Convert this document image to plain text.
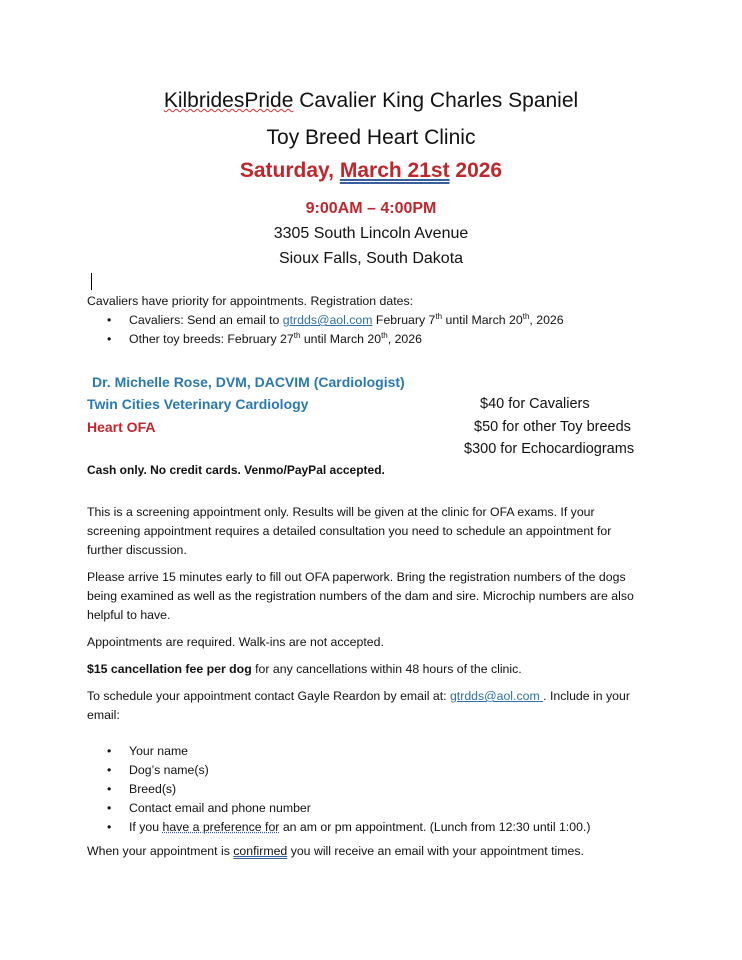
KilbridesPride Cavalier King Charles Spaniel
Toy Breed Heart Clinic
Saturday, March 21st 2026
9:00AM – 4:00PM
3305 South Lincoln Avenue
Sioux Falls, South Dakota

Cavaliers have priority for appointments. Registration dates:

• Cavaliers: Send an email to gtrdds@aol.com February 7th until March 20th, 2026

• Other toy breeds: February 27th until March 20th, 2026

Dr. Michelle Rose, DVM, DACVIM (Cardiologist)
Twin Cities Veterinary Cardiology
Heart OFA
$40 for Cavaliers
$50 for other Toy breeds
$300 for Echocardiograms
Cash only. No credit cards. Venmo/PayPal accepted.

This is a screening appointment only. Results will be given at the clinic for OFA exams. If your screening appointment requires a detailed consultation you need to schedule an appointment for further discussion.

Please arrive 15 minutes early to fill out OFA paperwork. Bring the registration numbers of the dogs being examined as well as the registration numbers of the dam and sire. Microchip numbers are also helpful to have.

Appointments are required. Walk-ins are not accepted.

$15 cancellation fee per dog for any cancellations within 48 hours of the clinic.

To schedule your appointment contact Gayle Reardon by email at: gtrdds@aol.com . Include in your email:

• Your name

• Dog’s name(s)

• Breed(s)

• Contact email and phone number

• If you have a preference for an am or pm appointment. (Lunch from 12:30 until 1:00.)

When your appointment is confirmed you will receive an email with your appointment times.
